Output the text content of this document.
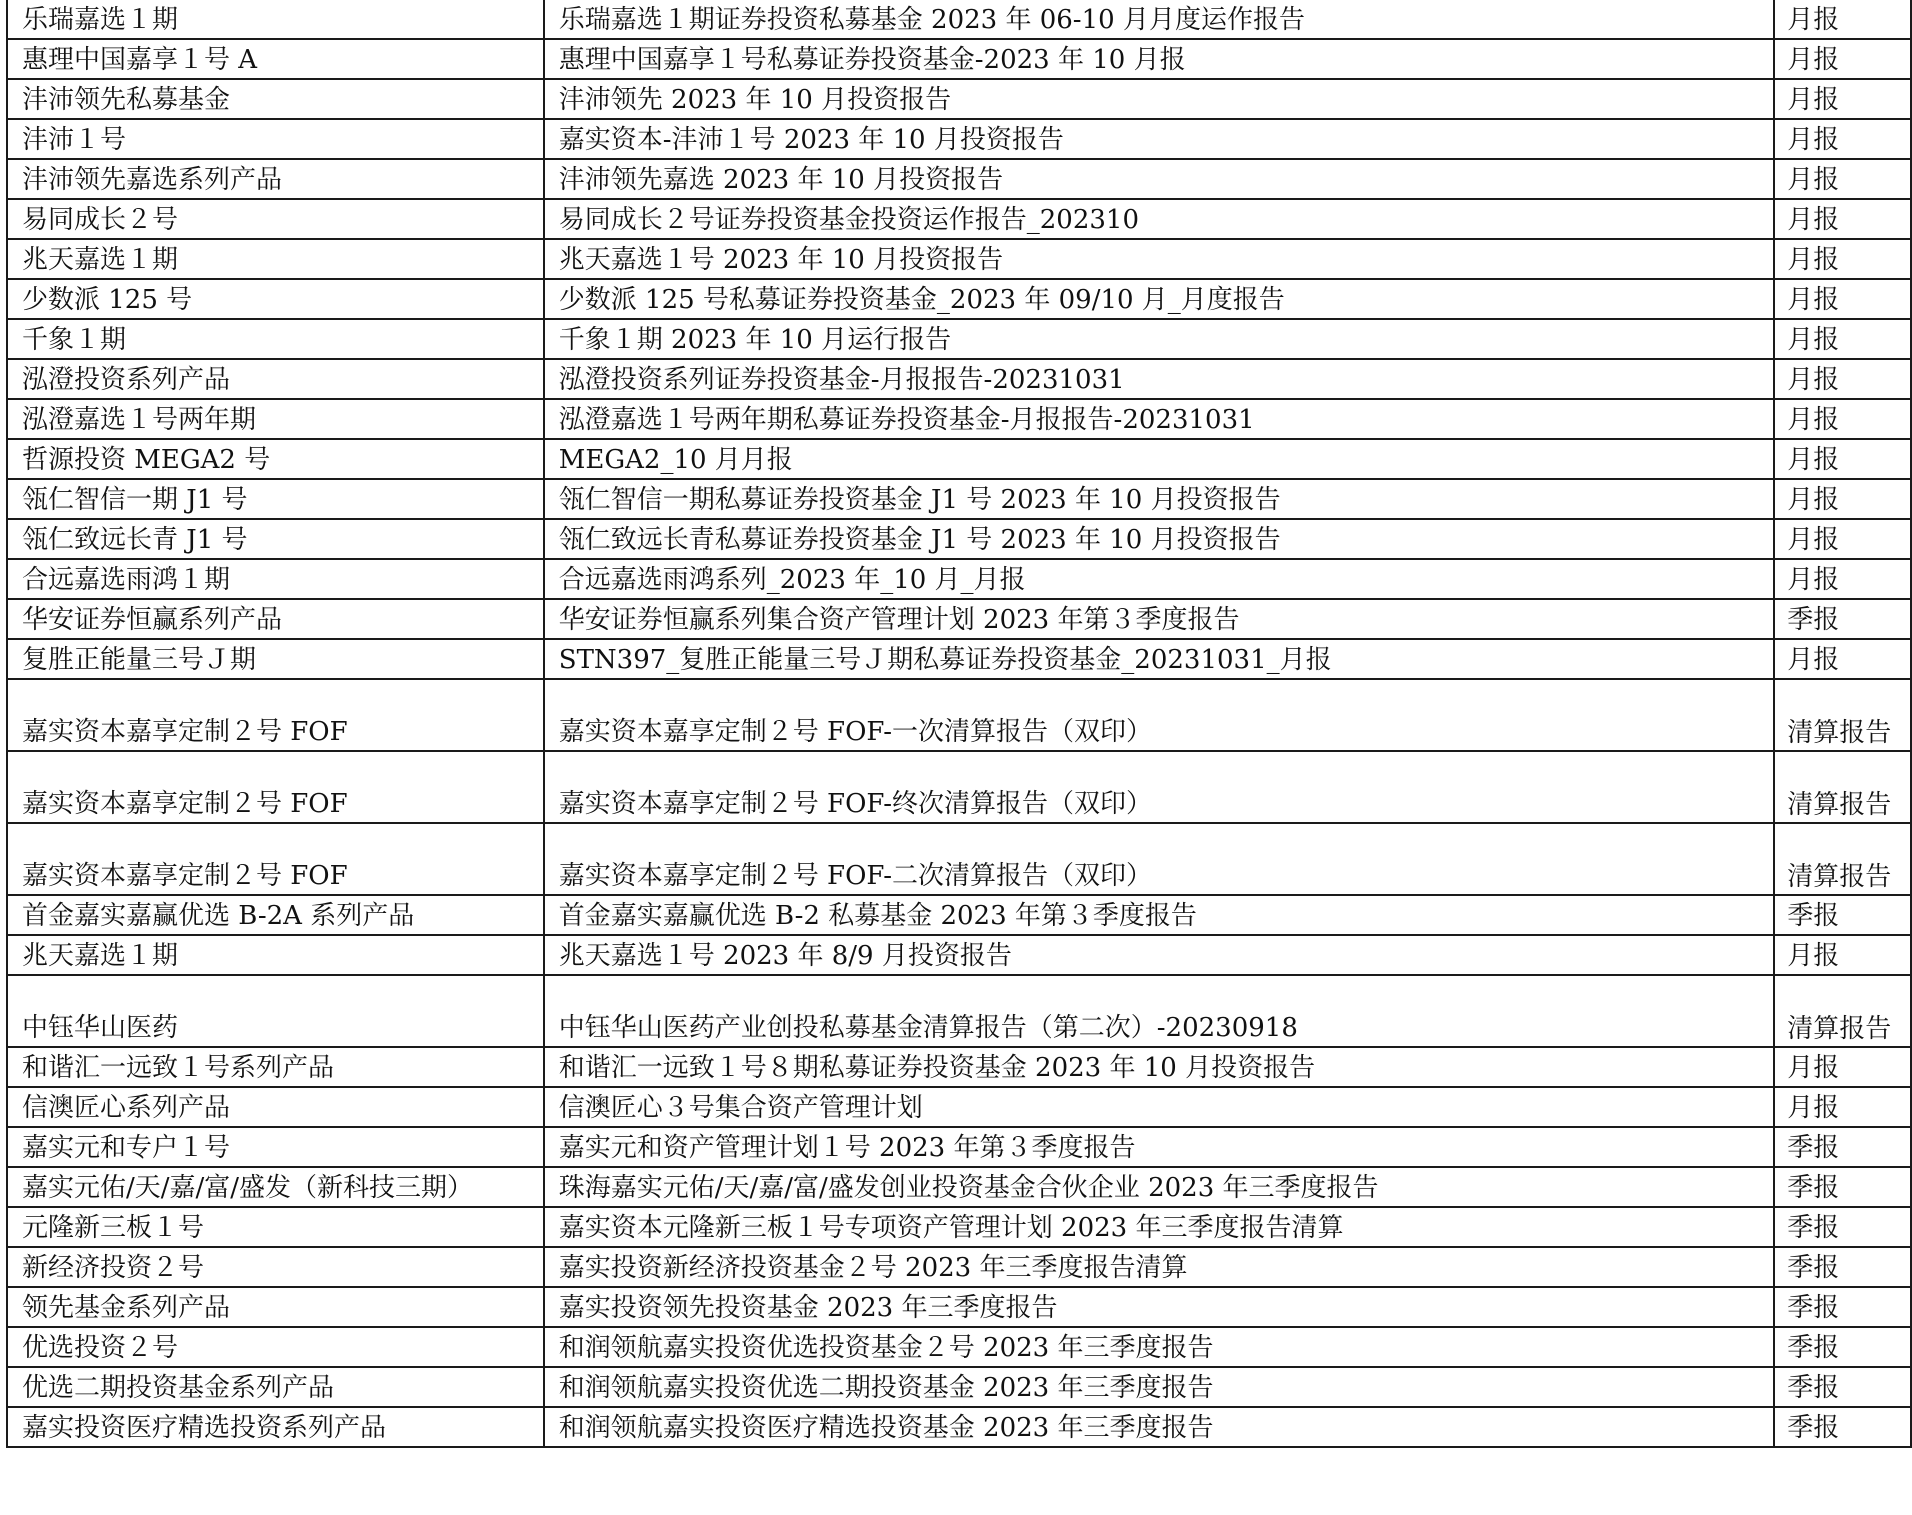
乐瑞嘉选１期	乐瑞嘉选１期证券投资私募基金 2023 年 06-10 月月度运作报告	月报
惠理中国嘉享１号 A	惠理中国嘉享１号私募证券投资基金-2023 年 10 月报	月报
沣沛领先私募基金	沣沛领先 2023 年 10 月投资报告	月报
沣沛１号	嘉实资本-沣沛１号 2023 年 10 月投资报告	月报
沣沛领先嘉选系列产品	沣沛领先嘉选 2023 年 10 月投资报告	月报
易同成长２号	易同成长２号证券投资基金投资运作报告_202310	月报
兆天嘉选１期	兆天嘉选１号 2023 年 10 月投资报告	月报
少数派 125 号	少数派 125 号私募证券投资基金_2023 年 09/10 月_月度报告	月报
千象１期	千象１期 2023 年 10 月运行报告	月报
泓澄投资系列产品	泓澄投资系列证券投资基金-月报报告-20231031	月报
泓澄嘉选１号两年期	泓澄嘉选１号两年期私募证券投资基金-月报报告-20231031	月报
哲源投资 MEGA2 号	MEGA2_10 月月报	月报
瓴仁智信一期 J1 号	瓴仁智信一期私募证券投资基金 J1 号 2023 年 10 月投资报告	月报
瓴仁致远长青 J1 号	瓴仁致远长青私募证券投资基金 J1 号 2023 年 10 月投资报告	月报
合远嘉选雨鸿１期	合远嘉选雨鸿系列_2023 年_10 月_月报	月报
华安证券恒赢系列产品	华安证券恒赢系列集合资产管理计划 2023 年第３季度报告	季报
复胜正能量三号Ｊ期	STN397_复胜正能量三号Ｊ期私募证券投资基金_20231031_月报	月报
嘉实资本嘉享定制２号 FOF	嘉实资本嘉享定制２号 FOF-一次清算报告（双印）	清算报告
嘉实资本嘉享定制２号 FOF	嘉实资本嘉享定制２号 FOF-终次清算报告（双印）	清算报告
嘉实资本嘉享定制２号 FOF	嘉实资本嘉享定制２号 FOF-二次清算报告（双印）	清算报告
首金嘉实嘉赢优选 B-2A 系列产品	首金嘉实嘉赢优选 B-2 私募基金 2023 年第３季度报告	季报
兆天嘉选１期	兆天嘉选１号 2023 年 8/9 月投资报告	月报
中钰华山医药	中钰华山医药产业创投私募基金清算报告（第二次）-20230918	清算报告
和谐汇一远致１号系列产品	和谐汇一远致１号８期私募证券投资基金 2023 年 10 月投资报告	月报
信澳匠心系列产品	信澳匠心３号集合资产管理计划	月报
嘉实元和专户１号	嘉实元和资产管理计划１号 2023 年第３季度报告	季报
嘉实元佑/天/嘉/富/盛发（新科技三期）	珠海嘉实元佑/天/嘉/富/盛发创业投资基金合伙企业 2023 年三季度报告	季报
元隆新三板１号	嘉实资本元隆新三板１号专项资产管理计划 2023 年三季度报告清算	季报
新经济投资２号	嘉实投资新经济投资基金２号 2023 年三季度报告清算	季报
领先基金系列产品	嘉实投资领先投资基金 2023 年三季度报告	季报
优选投资２号	和润领航嘉实投资优选投资基金２号 2023 年三季度报告	季报
优选二期投资基金系列产品	和润领航嘉实投资优选二期投资基金 2023 年三季度报告	季报
嘉实投资医疗精选投资系列产品	和润领航嘉实投资医疗精选投资基金 2023 年三季度报告	季报
